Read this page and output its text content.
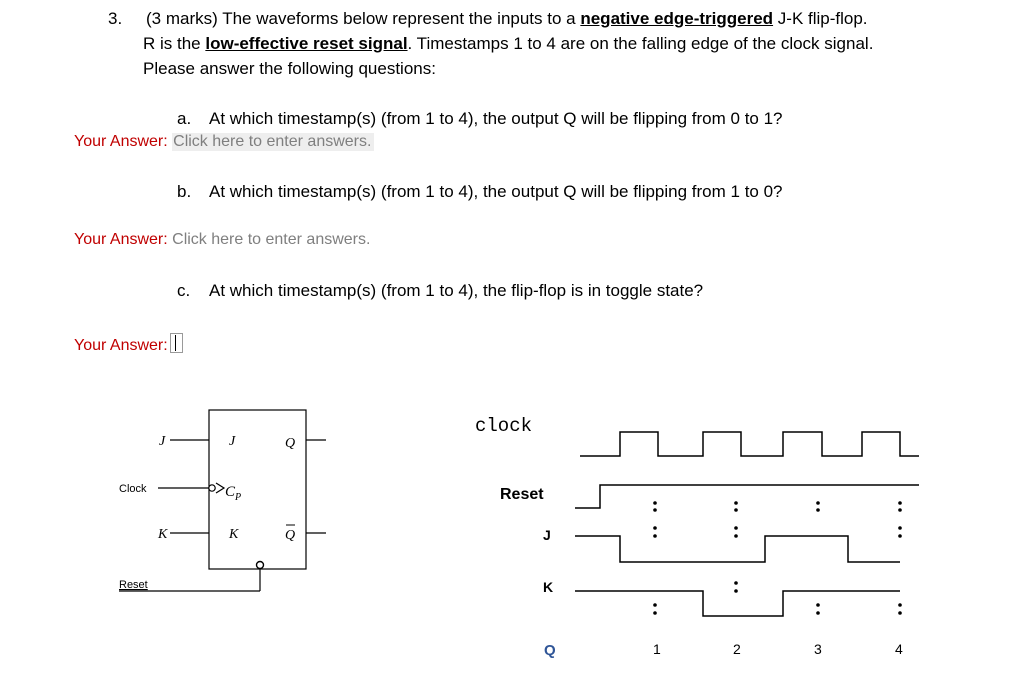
3. (3 marks) The waveforms below represent the inputs to a negative edge-triggered J-K flip-flop.
R is the low-effective reset signal. Timestamps 1 to 4 are on the falling edge of the clock signal.
Please answer the following questions:
a. At which timestamp(s) (from 1 to 4), the output Q will be flipping from 0 to 1?
Your Answer: Click here to enter answers.
b. At which timestamp(s) (from 1 to 4), the output Q will be flipping from 1 to 0?
Your Answer: Click here to enter answers.
c. At which timestamp(s) (from 1 to 4), the flip-flop is in toggle state?
Your Answer:
J	J	Q
Clock	$C_P$
K	K	Q
Reset
clock
Reset
J
K
Q	1	2	3	4
